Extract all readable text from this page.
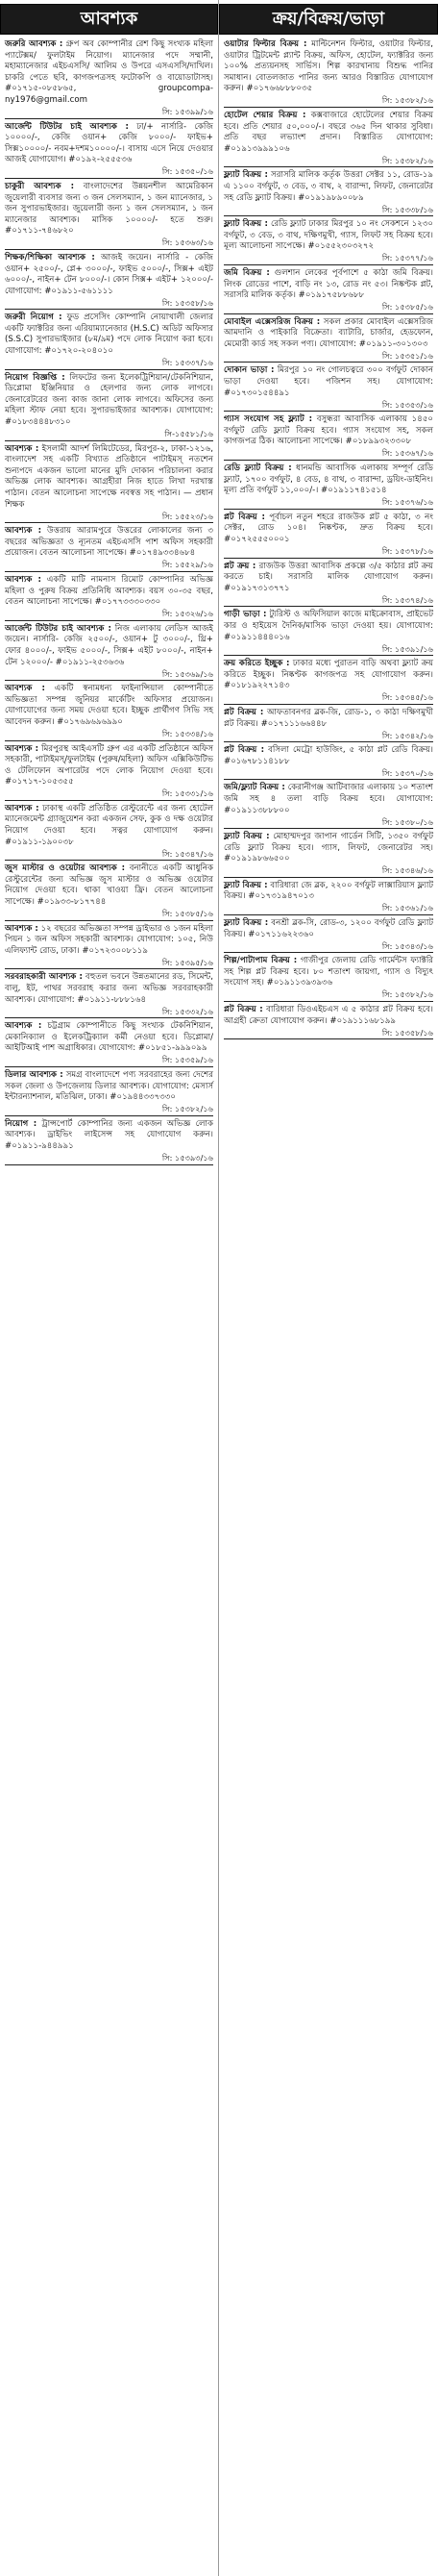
আবশ্যক
জরুরি আবশ্যক : গ্রুপ অব কোম্পানীর রেশ কিছু সংখ্যক মহিলা প্যাটেক্সম/ ফুলটাইম নিয়োগ। ম্যানেজার পদে সম্মানী, মহাম্যানেজার এইচএসসি/ আলিম ও উপরে এসএসসি/দাখিল। চাকরি পেতে ছবি, কাগজপত্রসহ ফটোকপি ও বায়োডাটাসহ। #০১৭১৫-০৮৫৮৬৫, groupcompa- ny1976@gmail.com
সি: ১৫৩৯৯/১৬
আর্জেন্ট টিউটর চাই আবশ্যক : ঢা/+ নার্সারি- কেজি ১০০০০/-, কেজি ওয়ান+ কেজি ৮০০০/- ফাইভ+ সিক্স১০০০০/- নবম+দশম১০০০০/-। বাসায় এসে নিয়ে দেওয়ার আজই যোগাযোগ। #০১৯২-২৫৫৫৩৬
সি: ১৫৩৫০/১৬
চাকুরী আবশ্যক : বাংলাদেশের উন্নয়নশীল আমেরিকান জুয়েলারী ব্যবসার জন্য ৩ জন সেলসম্যান, ১ জন ম্যানেজার, ১ জন সুপারভাইজার। জুয়েলারী জন্য ১ জন সেলসম্যান, ১ জন ম্যানেজার আবশ্যক। মাসিক ১০০০০/- হতে শুরু। #০১৭১১-৭৪৬৮২০
সি: ১৫৩৬৩/১৬
শিক্ষক/শিক্ষিকা আবশ্যক : আজই জয়েন। নার্সারি - কেজি ওয়ান+ ২৫০০/-, প্লে+ ৩০০০/-, ফাইভ ৫০০০/-, সিক্স+ এইট ৬০০০/-, নাইন+ টেন ৮০০০/-। কোন সিক্স+ এইট+ ১২০০০/- যোগাযোগ: #০১৯১১-৫৬১১১১
সি: ১৫৩৫৮/১৬
জরুরী নিয়োগ : ফুড প্রসেসিং কোম্পানি নোয়াখালী জেলার একটি ফ্যাক্টরির জন্য এরিয়াম্যানেজার (H.S.C) অডিট অফিসার (S.S.C) সুপারভাইজার (৮ম/৯ম) পদে লোক নিয়োগ করা হবে। যোগাযোগ: #০১৭২০-২০৪০১০
সি: ১৫৩৩৭/১৬
নিয়োগ বিজ্ঞপ্তি : লিফটের জন্য ইলেকট্রিশিয়ান/টেকনিশিয়ান, ডিপ্লোমা ইঞ্জিনিয়ার ও হেলপার জন্য লোক লাগবে। জেনারেটরের জন্য কাজ জানা লোক লাগবে। অফিসের জন্য মহিলা স্টাফ নেয়া হবে। সুপারভাইজার আবশ্যক। যোগাযোগ: #০১৮৩৪৪৪৮৩১০
সি-১৫৫৮১/১৬
আবশ্যক : ইসলামী আদর্শ লিমিটেডের, মিরপুর-২, ঢাকা-১২১৬, বাংলাদেশ সহ একটি বিখ্যাত প্রতিষ্ঠানে পাটাইমস্‌ নতশেন শুন্যপদে একজন ভালো মানের মুদি দোকান পরিচালনা করার অভিজ্ঞ লোক আবশ্যক। আগ্রহীরা নিজ হাতে লিখা দরখাস্ত পাঠান। বেতন আলোচনা সাপেক্ষে নবস্বত্ত সহ পাঠান। — প্রধান শিক্ষক
সি: ১৫৫২৩/১৬
আবশ্যক : উত্তরায় আরামপুরে উত্তরের লোকালের জন্য ৩ বছরের অভিজ্ঞতা ও ন্যূনতম এইচএসসি পাশ অফিস সহকারী প্রয়োজন। বেতন আলোচনা সাপেক্ষে। #০১৭৪৯৩৩৪৬৮৪
সি: ১৫৫২৯/১৬
আবশ্যক : একটি মাটি নামনাস রিমোট কোম্পানির অভিজ্ঞ মহিলা ও পুরুষ বিক্রয় প্রতিনিধি আবশ্যক। বয়স ৩০-৩৫ বছর, বেতন আলোচনা সাপেক্ষে। #০১৭৭৩৩৩০৩৩০
সি: ১৫৩২৬/১৬
আর্জেন্ট টিউটর চাই আবশ্যক : নিজ এলাকায় লেডিস আজই জয়েন। নার্সারি- কেজি ২৫০০/-, ওয়ান+ টু ৩০০০/-, থ্রি+ ফোর ৪০০০/-, ফাইভ ৫০০০/-, সিক্স+ এইট ৮০০০/-, নাইন+ টেন ১২০০০/- #০১৯১১-২৫৩৬৩৬
সি: ১৫৩৬৯/১৬
আবশ্যক : একটি স্বনামধন্য ফাইনান্সিয়াল কোম্পানীতে অভিজ্ঞতা সম্পন্ন জুনিয়র মার্কেটিং অফিসার প্রয়োজন। যোগাযোগের জন্য সময় দেওয়া হবে। ইচ্ছুক প্রার্থীগণ সিভি সহ আবেদন করুন। #০১৭৬৯৬৯৬৯৯০
সি: ১৫৩৩৪/১৬
আবশ্যক : মিরপুরস্থ আইএসটি গ্রুপ এর একটি প্রতিষ্ঠানে অফিস সহকারী, পাটাইমস্‌/ফুলটাইম (পুরুষ/মহিলা) অফিস এক্সিকিউটিভ ও টেলিফোন অপারেটর পদে লোক নিয়োগ দেওয়া হবে। #০১৭১৭-১০৫৩৫৫
সি: ১৫৩৩১/১৬
আবশ্যক : ঢাকাস্থ একটি প্রতিষ্ঠিত রেস্টুরেন্টে এর জন্য হোটেল ম্যানেজমেন্ট গ্র্যাজুয়েশন করা একজন সেফ, কুক ও দক্ষ ওয়েটার নিয়োগ দেওয়া হবে। সত্বর যোগাযোগ করুন। #০১৯১১-১৯০০৩৮
সি: ১৫৩৪৭/১৬
জুস মাস্টার ও ওয়েটার আবশ্যক : বনানীতে একটি আধুনিক রেস্টুরেন্টের জন্য অভিজ্ঞ জুস মাস্টার ও অভিজ্ঞ ওয়েটার নিয়োগ দেওয়া হবে। থাকা খাওয়া ফ্রি। বেতন আলোচনা সাপেক্ষে। #০১৯৩৩-৮১৭৭৪৪
সি: ১৫৩৮৫/১৬
আবশ্যক : ১২ বছরের অভিজ্ঞতা সম্পন্ন ড্রাইভার ও ১জন মহিলা পিয়ন ১ জন অফিস সহকারী আবশ্যক। যোগাযোগ: ১০৫, নিউ এলিফ্যান্ট রোড, ঢাকা। #০১৭২৩০০৮১১৯
সি: ১৫৩৯৫/১৬
সরবরাহকারী আবশ্যক : বহুতল ভবনে উন্নতমানের রড, সিমেন্ট, বালু, ইট, পাথর সরবরাহ করার জন্য অভিজ্ঞ সরবরাহকারী আবশ্যক। যোগাযোগ: #০১৯১১-৮৮৮১৬৪
সি: ১৫৩৩২/১৬
আবশ্যক : চট্টগ্রাম কোম্পানীতে কিছু সংখ্যক টেকনিশিয়ান, মেকানিক্যাল ও ইলেকট্রিক্যাল কর্মী নেওয়া হবে। ডিপ্লোমা/আইটিআই পাশ অগ্রাধিকার। যোগাযোগ: #০১৮৫১-৯৯৯০৯৯
সি: ১৫৩৫৯/১৬
ডিলার আবশ্যক : সমগ্র বাংলাদেশে পণ্য সরবরাহের জন্য দেশের সকল জেলা ও উপজেলায় ডিলার আবশ্যক। যোগাযোগ: মেসার্স ইন্টারন্যাশনাল, মতিঝিল, ঢাকা। #০১৯৪৪৩৩৭৩৩০
সি: ১৫৩৮২/১৬
নিয়োগ : ট্রান্সপোর্ট কোম্পানির জন্য একজন অভিজ্ঞ লোক আবশ্যক। ড্রাইভিং লাইসেন্স সহ যোগাযোগ করুন। #০১৯১১-৯৪৪৯৯১
সি: ১৫৩৯৩/১৬
ক্রয়/বিক্রয়/ভাড়া
ওয়াটার ফিল্টার বিক্রয় : মাল্টিনেশন ফিল্টার, ওয়াটার ফিল্টার, ওয়াটার ট্রিটমেন্ট প্ল্যান্ট বিক্রয়, অফিস, হোটেল, ফ্যাক্টরির জন্য ১০০% প্রত্যয়নসহ সার্ভিস। শিল্প কারখানায় বিশুদ্ধ পানির সমাধান। বোতলজাত পানির জন্য আরও বিস্তারিত যোগাযোগ করুন। #০১৭৬৬৮৮৮০৩৫
সি: ১৫৩৮২/১৬
হোটেল শেয়ার বিক্রয় : কক্সবাজারে হোটেলের শেয়ার বিক্রয় হবে। প্রতি শেয়ার ৫০,০০০/-। বছরে ৩৬৫ দিন থাকার সুবিধা। প্রতি বছর লভ্যাংশ প্রদান। বিস্তারিত যোগাযোগ: #০১৯১৩৯৯৯১০৬
সি: ১৫৩৮২/১৬
ফ্ল্যাট বিক্রয় : সরাসরি মালিক কর্তৃক উত্তরা সেক্টর ১১, রোড-১৯ এ ১১০০ বর্গফুট, ৩ বেড, ৩ বাথ, ২ বারান্দা, লিফট, জেনারেটর সহ রেডি ফ্ল্যাট বিক্রয়। #০১৯১৯৮৯০০৮৯
সি: ১৫৩৩৮/১৬
ফ্ল্যাট বিক্রয় : রেডি ফ্ল্যাট ঢাকার মিরপুর ১০ নং সেকশনে ১২৩০ বর্গফুট, ৩ বেড, ৩ বাথ, দক্ষিণমুখী, গ্যাস, লিফট সহ বিক্রয় হবে। মূল্য আলোচনা সাপেক্ষে। #০১৫৫২৩০৩২৭২
সি: ১৫৩৭৭/১৬
জমি বিক্রয় : গুলশান লেকের পূর্বপাশে ৫ কাঠা জমি বিক্রয়। লিংক রোডের পাশে, বাড়ি নং ১৩, রোড নং ৫৩। নিষ্কণ্টক প্লট, সরাসরি মালিক কর্তৃক। #০১৯১৭৫৮৮৬৮৮
সি: ১৫৩৮৫/১৬
মোবাইল এক্সেসরিজ বিক্রয় : সকল প্রকার মোবাইল এক্সেসরিজ আমদানি ও পাইকারি বিক্রেতা। ব্যাটারি, চার্জার, হেডফোন, মেমোরী কার্ড সহ সকল পণ্য। যোগাযোগ: #০১৯১১-৩০১৩০৩
সি: ১৫৩৫১/১৬
দোকান ভাড়া : মিরপুর ১০ নং গোলচত্বরে ৩০০ বর্গফুট দোকান ভাড়া দেওয়া হবে। পজিশন সহ। যোগাযোগ: #০১৭৩০১৫৪৪৯১
সি: ১৫৩৫৩/১৬
গ্যাস সংযোগ সহ ফ্ল্যাট : বসুন্ধরা আবাসিক এলাকায় ১৪৫০ বর্গফুট রেডি ফ্ল্যাট বিক্রয় হবে। গ্যাস সংযোগ সহ, সকল কাগজপত্র ঠিক। আলোচনা সাপেক্ষে। #০১৮৯৯৩২৩৩০৮
সি: ১৫৩৬৭/১৬
রেডি ফ্ল্যাট বিক্রয় : ধানমন্ডি আবাসিক এলাকায় সম্পূর্ণ রেডি ফ্ল্যাট, ১৭০০ বর্গফুট, ৪ বেড, ৪ বাথ, ৩ বারান্দা, ড্রয়িং-ডাইনিং। মূল্য প্রতি বর্গফুট ১১,০০০/-। #০১৯১১৭৪১৫১৪
সি: ১৫৩৭৬/১৬
প্লট বিক্রয় : পূর্বাচল নতুন শহরে রাজউক প্লট ৫ কাঠা, ৩ নং সেক্টর, রোড ১০৪। নিষ্কণ্টক, দ্রুত বিক্রয় হবে। #০১৭২৫৫৫০০০১
সি: ১৫৩৭৮/১৬
প্লট ক্রয় : রাজউক উত্তরা আবাসিক প্রকল্পে ৩/৫ কাঠার প্লট ক্রয় করতে চাই। সরাসরি মালিক যোগাযোগ করুন। #০১৯১৭৩১৩৭৭১
সি: ১৫৩৭৪/১৬
গাড়ী ভাড়া : ট্যুরিস্ট ও অফিসিয়াল কাজে মাইক্রোবাস, প্রাইভেট কার ও হাইয়েস দৈনিক/মাসিক ভাড়া দেওয়া হয়। যোগাযোগ: #০১৯১১৪৪৪০১৬
সি: ১৫৩৯১/১৬
ক্রয় করিতে ইচ্ছুক : ঢাকার মধ্যে পুরাতন বাড়ি অথবা ফ্ল্যাট ক্রয় করিতে ইচ্ছুক। নিষ্কণ্টক কাগজপত্র সহ যোগাযোগ করুন। #০১৮১৯২২৭১৪৩
সি: ১৫৩৪৫/১৬
প্লট বিক্রয় : আফতাবনগর ব্লক-জি, রোড-১, ৩ কাঠা দক্ষিণমুখী প্লট বিক্রয়। #০১৭১১১৬৬৪৪৮
সি: ১৫৩৪২/১৬
প্লট বিক্রয় : বসিলা মেট্রো হাউজিং, ৫ কাঠা প্লট রেডি বিক্রয়। #০১৬৭৮১১৪১৮৮
সি: ১৫৩৭০/১৬
জমি/ফ্ল্যাট বিক্রয় : কেরানীগঞ্জ আটিবাজার এলাকায় ১০ শতাংশ জমি সহ ৪ তলা বাড়ি বিক্রয় হবে। যোগাযোগ: #০১৯১১৩৮৮৮০০
সি: ১৫৩৮০/১৬
ফ্ল্যাট বিক্রয় : মোহাম্মদপুর জাপান গার্ডেন সিটি, ১৩৫০ বর্গফুট রেডি ফ্ল্যাট বিক্রয় হবে। গ্যাস, লিফট, জেনারেটর সহ। #০১৯১৯৮৬৬৫০০
সি: ১৫৩৪৬/১৬
ফ্ল্যাট বিক্রয় : বারিধারা জে ব্লক, ২২০০ বর্গফুট লাক্সারিয়াস ফ্ল্যাট বিক্রয়। #০১৭৩১৯৪৭০১৩
সি: ১৫৩৬১/১৬
ফ্ল্যাট বিক্রয় : বনশ্রী ব্লক-সি, রোড-৩, ১২০০ বর্গফুট রেডি ফ্ল্যাট বিক্রয়। #০১৭১১৬২২৩৬০
সি: ১৫৩৪৩/১৬
শিল্প/পাটাপাম বিক্রয় : গাজীপুর জেলায় রেডি গার্মেন্টস ফ্যাক্টরি সহ শিল্প প্লট বিক্রয় হবে। ৮০ শতাংশ জায়গা, গ্যাস ও বিদ্যুৎ সংযোগ সহ। #০১৯১১৩৯৩৯৩৬
সি: ১৫৩৮২/১৬
প্লট বিক্রয় : বারিধারা ডিওএইচএস এ ৫ কাঠার প্লট বিক্রয় হবে। আগ্রহী ক্রেতা যোগাযোগ করুন। #০১৯১১১৬৮১৯৯
সি: ১৫৩৫৮/১৬
